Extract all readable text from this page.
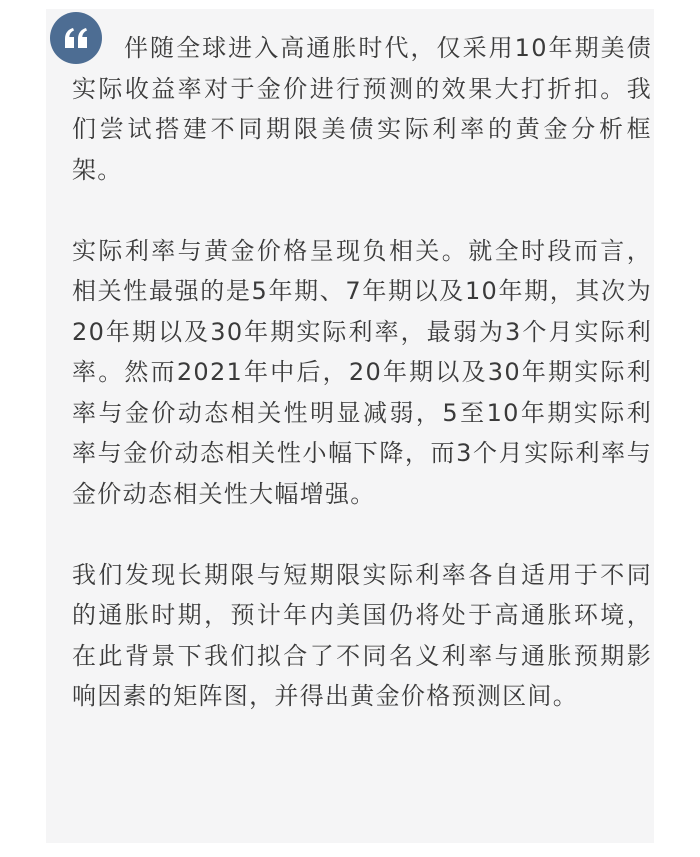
伴随全球进入高通胀时代，仅采用10年期美债实际收益率对于金价进行预测的效果大打折扣。我们尝试搭建不同期限美债实际利率的黄金分析框架。

实际利率与黄金价格呈现负相关。就全时段而言，相关性最强的是5年期、7年期以及10年期，其次为20年期以及30年期实际利率，最弱为3个月实际利率。然而2021年中后，20年期以及30年期实际利率与金价动态相关性明显减弱，5至10年期实际利率与金价动态相关性小幅下降，而3个月实际利率与金价动态相关性大幅增强。

我们发现长期限与短期限实际利率各自适用于不同的通胀时期，预计年内美国仍将处于高通胀环境，在此背景下我们拟合了不同名义利率与通胀预期影响因素的矩阵图，并得出黄金价格预测区间。
